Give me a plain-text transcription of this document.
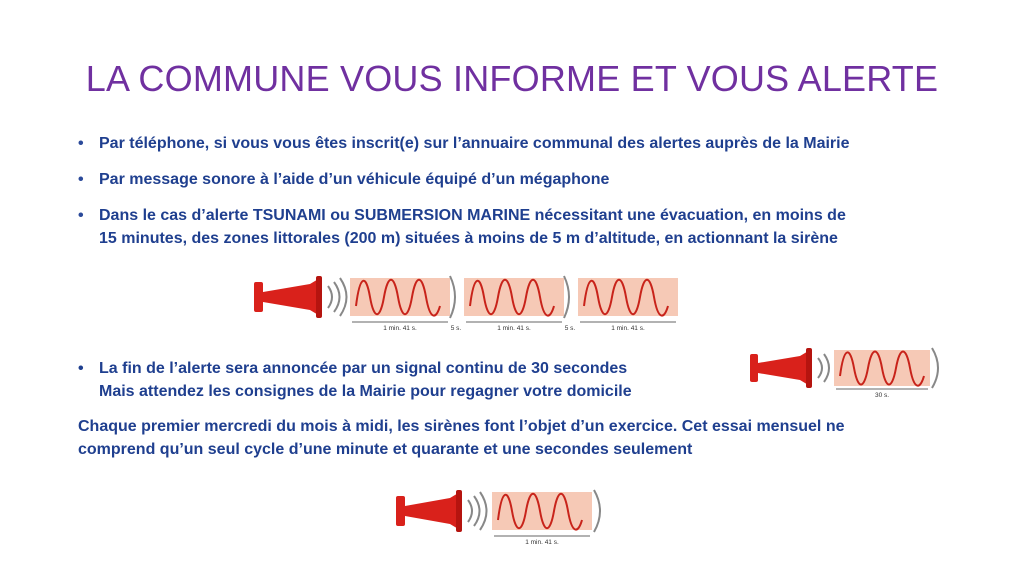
LA COMMUNE VOUS INFORME ET VOUS ALERTE
• Par téléphone, si vous vous êtes inscrit(e) sur l’annuaire communal des alertes auprès de la Mairie
• Par message sonore à l’aide d’un véhicule équipé d’un mégaphone
• Dans le cas d’alerte TSUNAMI ou SUBMERSION MARINE nécessitant une évacuation, en moins de
15 minutes, des zones littorales (200 m) situées à moins de 5 m d’altitude, en actionnant la sirène
1 min. 41 s.	5 s.	1 min. 41 s.	5 s.	1 min. 41 s.
• La fin de l’alerte sera annoncée par un signal continu de 30 secondes
Mais attendez les consignes de la Mairie pour regagner votre domicile	30 s.
Chaque premier mercredi du mois à midi, les sirènes font l’objet d’un exercice. Cet essai mensuel ne
comprend qu’un seul cycle d’une minute et quarante et une secondes seulement
1 min. 41 s.
